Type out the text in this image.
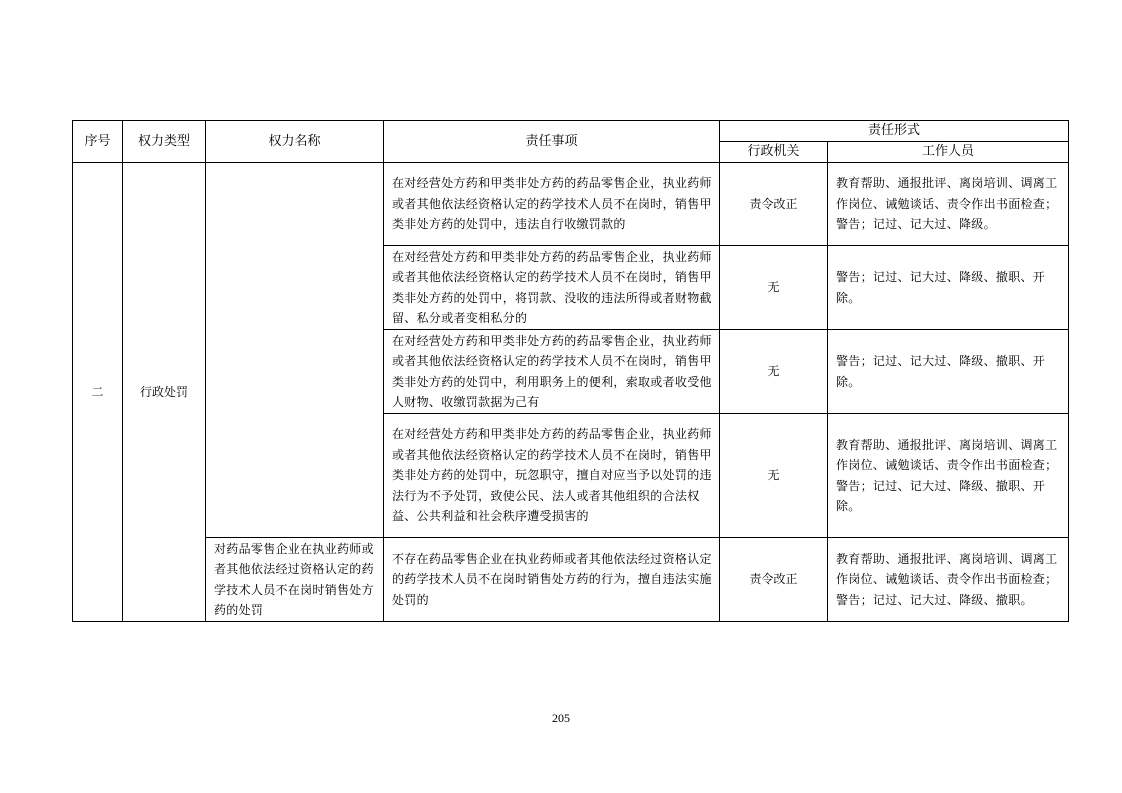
序号	权力类型	权力名称	责任事项	责任形式	
				行政机关	工作人员
二	行政处罚		在对经营处方药和甲类非处方药的药品零售企业，执业药师或者其他依法经资格认定的药学技术人员不在岗时，销售甲类非处方药的处罚中，违法自行收缴罚款的	责令改正	教育帮助、通报批评、离岗培训、调离工作岗位、诫勉谈话、责令作出书面检查；警告；记过、记大过、降级。
			在对经营处方药和甲类非处方药的药品零售企业，执业药师或者其他依法经资格认定的药学技术人员不在岗时，销售甲类非处方药的处罚中，将罚款、没收的违法所得或者财物截留、私分或者变相私分的	无	警告；记过、记大过、降级、撤职、开除。
			在对经营处方药和甲类非处方药的药品零售企业，执业药师或者其他依法经资格认定的药学技术人员不在岗时，销售甲类非处方药的处罚中，利用职务上的便利，索取或者收受他人财物、收缴罚款据为己有	无	警告；记过、记大过、降级、撤职、开除。
			在对经营处方药和甲类非处方药的药品零售企业，执业药师或者其他依法经资格认定的药学技术人员不在岗时，销售甲类非处方药的处罚中，玩忽职守，擅自对应当予以处罚的违法行为不予处罚，致使公民、法人或者其他组织的合法权益、公共利益和社会秩序遭受损害的	无	教育帮助、通报批评、离岗培训、调离工作岗位、诫勉谈话、责令作出书面检查；警告；记过、记大过、降级、撤职、开除。
		对药品零售企业在执业药师或者其他依法经过资格认定的药学技术人员不在岗时销售处方药的处罚	不存在药品零售企业在执业药师或者其他依法经过资格认定的药学技术人员不在岗时销售处方药的行为，擅自违法实施处罚的	责令改正	教育帮助、通报批评、离岗培训、调离工作岗位、诫勉谈话、责令作出书面检查；警告；记过、记大过、降级、撤职。
205
